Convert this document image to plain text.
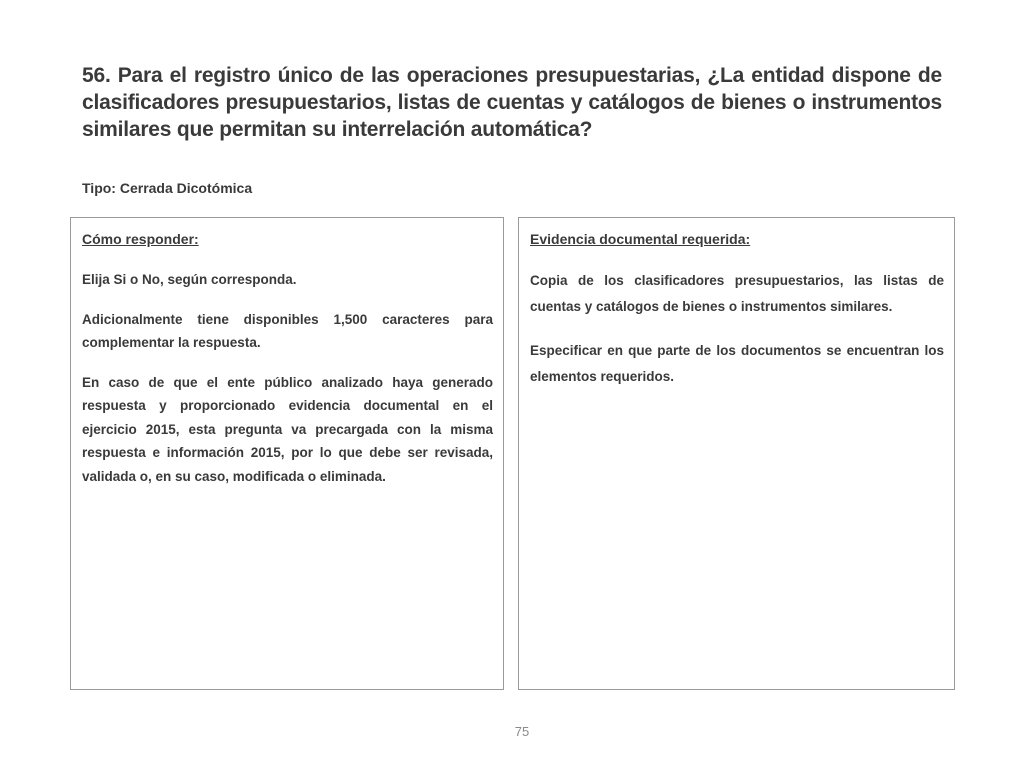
56. Para el registro único de las operaciones presupuestarias, ¿La entidad dispone de clasificadores presupuestarios, listas de cuentas y catálogos de bienes o instrumentos similares que permitan su interrelación automática?

Tipo: Cerrada Dicotómica

Cómo responder:

Elija Si o No, según corresponda.

Adicionalmente tiene disponibles 1,500 caracteres para complementar la respuesta.

En caso de que el ente público analizado haya generado respuesta y proporcionado evidencia documental en el ejercicio 2015, esta pregunta va precargada con la misma respuesta e información 2015, por lo que debe ser revisada, validada o, en su caso, modificada o eliminada.

Evidencia documental requerida:

Copia de los clasificadores presupuestarios, las listas de cuentas y catálogos de bienes o instrumentos similares.

Especificar en que parte de los documentos se encuentran los elementos requeridos.

75
